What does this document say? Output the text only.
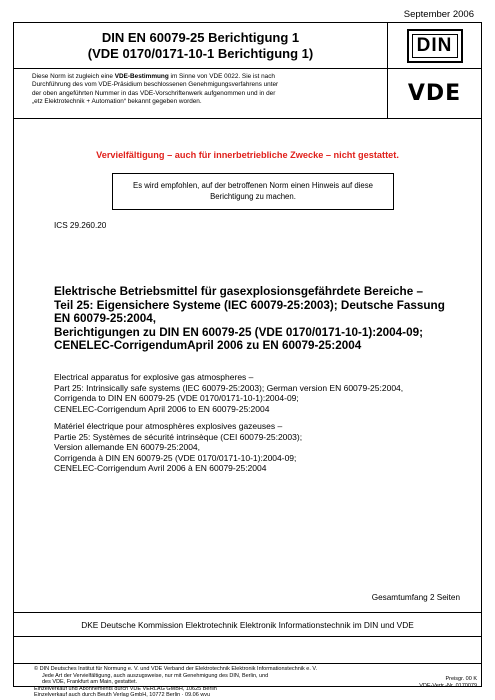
September 2006
DIN EN 60079-25 Berichtigung 1
(VDE 0170/0171-10-1 Berichtigung 1)	DIN
Diese Norm ist zugleich eine VDE-Bestimmung im Sinne von VDE 0022. Sie ist nach
Durchführung des vom VDE-Präsidium beschlossenen Genehmigungsverfahrens unter
der oben angeführten Nummer in das VDE-Vorschriftenwerk aufgenommen und in der
„etz Elektrotechnik + Automation“ bekannt gegeben worden.	VDE
Vervielfältigung – auch für innerbetriebliche Zwecke – nicht gestattet.
Es wird empfohlen, auf der betroffenen Norm einen Hinweis auf diese
Berichtigung zu machen.
ICS 29.260.20
Elektrische Betriebsmittel für gasexplosionsgefährdete Bereiche –
Teil 25: Eigensichere Systeme (IEC 60079-25:2003); Deutsche Fassung
EN 60079-25:2004,
Berichtigungen zu DIN EN 60079-25 (VDE 0170/0171-10-1):2004-09;
CENELEC-CorrigendumApril 2006 zu EN 60079-25:2004
Electrical apparatus for explosive gas atmospheres –
Part 25: Intrinsically safe systems (IEC 60079-25:2003); German version EN 60079-25:2004,
Corrigenda to DIN EN 60079-25 (VDE 0170/0171-10-1):2004-09;
CENELEC-Corrigendum April 2006 to EN 60079-25:2004
Matériel électrique pour atmosphères explosives gazeuses –
Partie 25: Systèmes de sécurité intrinsèque (CEI 60079-25:2003);
Version allemande EN 60079-25:2004,
Corrigenda à DIN EN 60079-25 (VDE 0170/0171-10-1):2004-09;
CENELEC-Corrigendum Avril 2006 à EN 60079-25:2004
Gesamtumfang 2 Seiten
DKE Deutsche Kommission Elektrotechnik Elektronik Informationstechnik im DIN und VDE
© DIN Deutsches Institut für Normung e. V. und VDE Verband der Elektrotechnik Elektronik Informationstechnik e. V.
Jede Art der Vervielfältigung, auch auszugsweise, nur mit Genehmigung des DIN, Berlin, und
des VDE, Frankfurt am Main, gestattet.
Einzelverkauf und Abonnements durch VDE VERLAG GMBH, 10625 Berlin
Einzelverkauf auch durch Beuth Verlag GmbH, 10772 Berlin · 09.06 wvu
Preisgr. 00 K
VDE-Vertr.-Nr. 0170079
